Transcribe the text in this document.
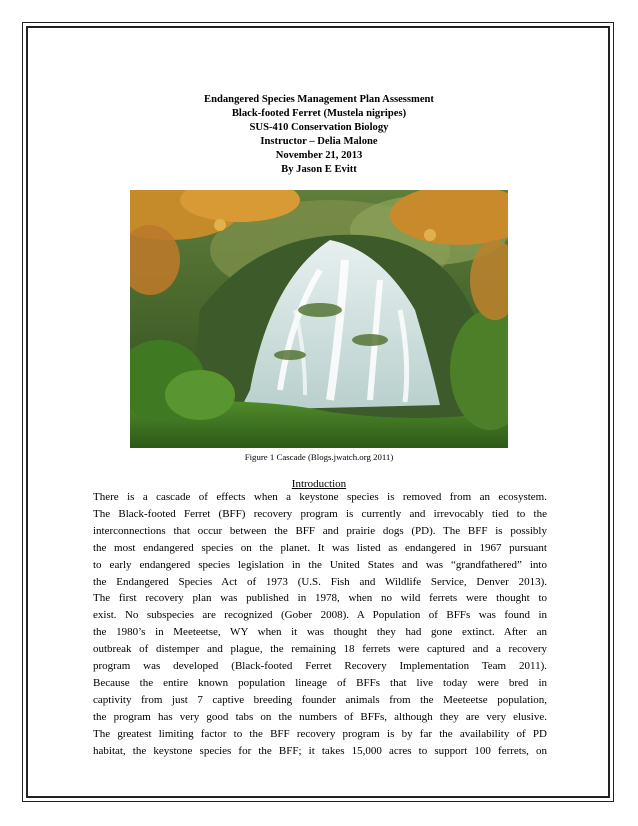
Endangered Species Management Plan Assessment
Black-footed Ferret (Mustela nigripes)
SUS-410 Conservation Biology
Instructor – Delia Malone
November 21, 2013
By Jason E Evitt
Figure 1 Cascade (Blogs.jwatch.org 2011)
Introduction
There is a cascade of effects when a keystone species is removed from an ecosystem.
The Black-footed Ferret (BFF) recovery program is currently and irrevocably tied to the
interconnections that occur between the BFF and prairie dogs (PD). The BFF is possibly
the most endangered species on the planet. It was listed as endangered in 1967 pursuant
to early endangered species legislation in the United States and was “grandfathered” into
the Endangered Species Act of 1973 (U.S. Fish and Wildlife Service, Denver 2013).
The first recovery plan was published in 1978, when no wild ferrets were thought to
exist. No subspecies are recognized (Gober 2008). A Population of BFFs was found in
the 1980’s in Meeteetse, WY when it was thought they had gone extinct. After an
outbreak of distemper and plague, the remaining 18 ferrets were captured and a recovery
program was developed (Black-footed Ferret Recovery Implementation Team 2011).
Because the entire known population lineage of BFFs that live today were bred in
captivity from just 7 captive breeding founder animals from the Meeteetse population,
the program has very good tabs on the numbers of BFFs, although they are very elusive.
The greatest limiting factor to the BFF recovery program is by far the availability of PD
habitat, the keystone species for the BFF; it takes 15,000 acres to support 100 ferrets, on
